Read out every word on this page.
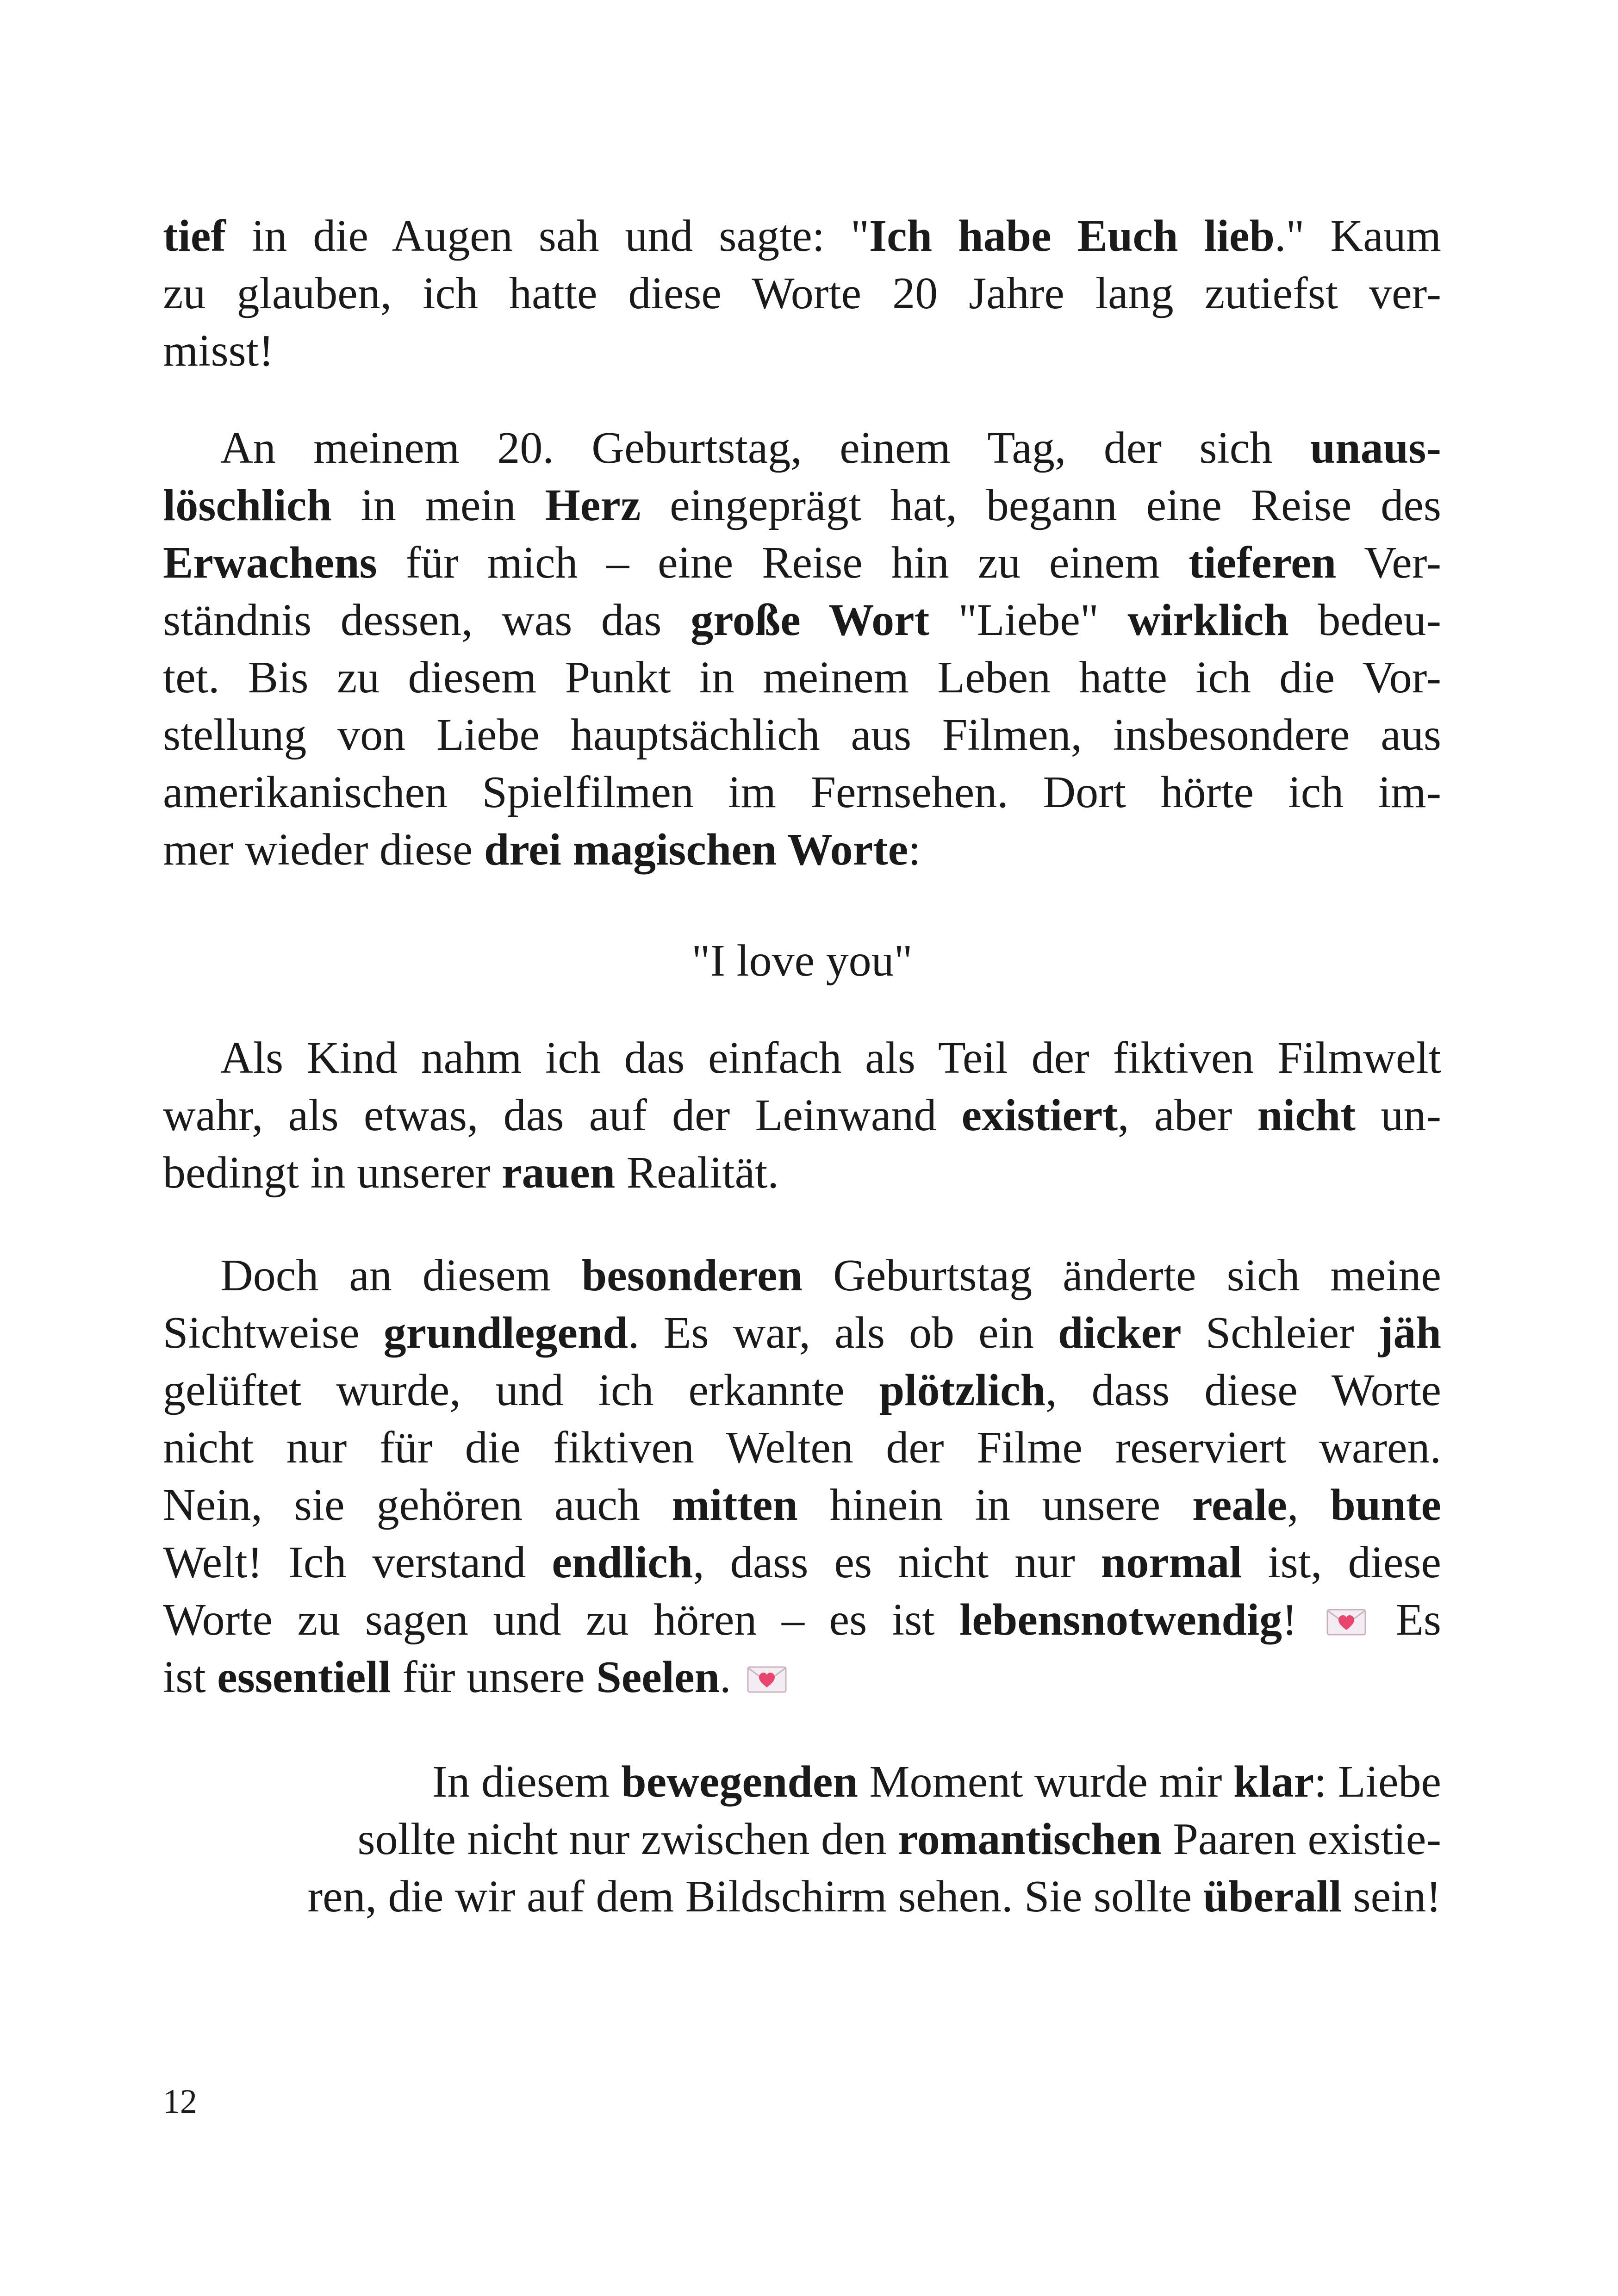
tief in die Augen sah und sagte: "Ich habe Euch lieb." Kaum
zu glauben, ich hatte diese Worte 20 Jahre lang zutiefst ver-
misst!
An meinem 20. Geburtstag, einem Tag, der sich unaus-
löschlich in mein Herz eingeprägt hat, begann eine Reise des
Erwachens für mich – eine Reise hin zu einem tieferen Ver-
ständnis dessen, was das große Wort "Liebe" wirklich bedeu-
tet. Bis zu diesem Punkt in meinem Leben hatte ich die Vor-
stellung von Liebe hauptsächlich aus Filmen, insbesondere aus
amerikanischen Spielfilmen im Fernsehen. Dort hörte ich im-
mer wieder diese drei magischen Worte:
"I love you"
Als Kind nahm ich das einfach als Teil der fiktiven Filmwelt
wahr, als etwas, das auf der Leinwand existiert, aber nicht un-
bedingt in unserer rauen Realität.
Doch an diesem besonderen Geburtstag änderte sich meine
Sichtweise grundlegend. Es war, als ob ein dicker Schleier jäh
gelüftet wurde, und ich erkannte plötzlich, dass diese Worte
nicht nur für die fiktiven Welten der Filme reserviert waren.
Nein, sie gehören auch mitten hinein in unsere reale, bunte
Welt! Ich verstand endlich, dass es nicht nur normal ist, diese
Worte zu sagen und zu hören – es ist lebensnotwendig!  Es
ist essentiell für unsere Seelen.
In diesem bewegenden Moment wurde mir klar: Liebe
sollte nicht nur zwischen den romantischen Paaren existie-
ren, die wir auf dem Bildschirm sehen. Sie sollte überall sein!
12
